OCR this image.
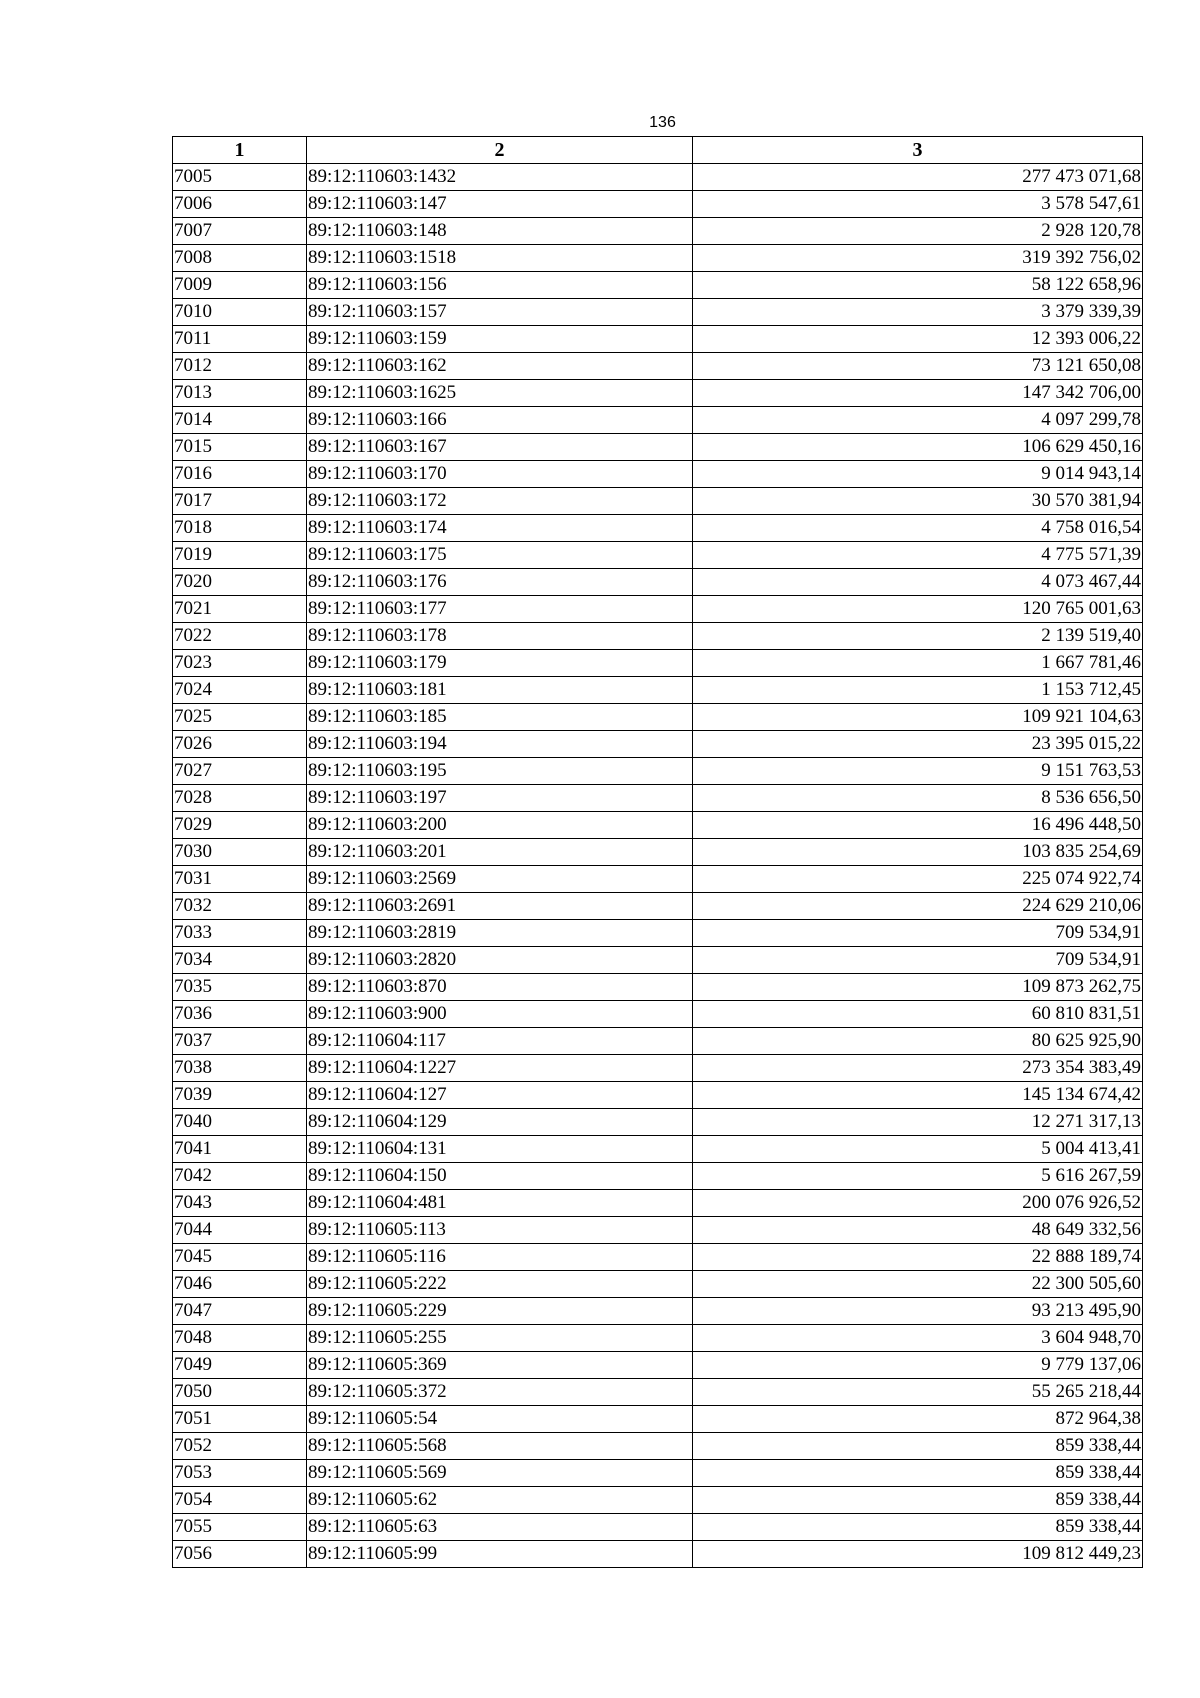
136
1	2	3
7005	89:12:110603:1432	277 473 071,68
7006	89:12:110603:147	3 578 547,61
7007	89:12:110603:148	2 928 120,78
7008	89:12:110603:1518	319 392 756,02
7009	89:12:110603:156	58 122 658,96
7010	89:12:110603:157	3 379 339,39
7011	89:12:110603:159	12 393 006,22
7012	89:12:110603:162	73 121 650,08
7013	89:12:110603:1625	147 342 706,00
7014	89:12:110603:166	4 097 299,78
7015	89:12:110603:167	106 629 450,16
7016	89:12:110603:170	9 014 943,14
7017	89:12:110603:172	30 570 381,94
7018	89:12:110603:174	4 758 016,54
7019	89:12:110603:175	4 775 571,39
7020	89:12:110603:176	4 073 467,44
7021	89:12:110603:177	120 765 001,63
7022	89:12:110603:178	2 139 519,40
7023	89:12:110603:179	1 667 781,46
7024	89:12:110603:181	1 153 712,45
7025	89:12:110603:185	109 921 104,63
7026	89:12:110603:194	23 395 015,22
7027	89:12:110603:195	9 151 763,53
7028	89:12:110603:197	8 536 656,50
7029	89:12:110603:200	16 496 448,50
7030	89:12:110603:201	103 835 254,69
7031	89:12:110603:2569	225 074 922,74
7032	89:12:110603:2691	224 629 210,06
7033	89:12:110603:2819	709 534,91
7034	89:12:110603:2820	709 534,91
7035	89:12:110603:870	109 873 262,75
7036	89:12:110603:900	60 810 831,51
7037	89:12:110604:117	80 625 925,90
7038	89:12:110604:1227	273 354 383,49
7039	89:12:110604:127	145 134 674,42
7040	89:12:110604:129	12 271 317,13
7041	89:12:110604:131	5 004 413,41
7042	89:12:110604:150	5 616 267,59
7043	89:12:110604:481	200 076 926,52
7044	89:12:110605:113	48 649 332,56
7045	89:12:110605:116	22 888 189,74
7046	89:12:110605:222	22 300 505,60
7047	89:12:110605:229	93 213 495,90
7048	89:12:110605:255	3 604 948,70
7049	89:12:110605:369	9 779 137,06
7050	89:12:110605:372	55 265 218,44
7051	89:12:110605:54	872 964,38
7052	89:12:110605:568	859 338,44
7053	89:12:110605:569	859 338,44
7054	89:12:110605:62	859 338,44
7055	89:12:110605:63	859 338,44
7056	89:12:110605:99	109 812 449,23
